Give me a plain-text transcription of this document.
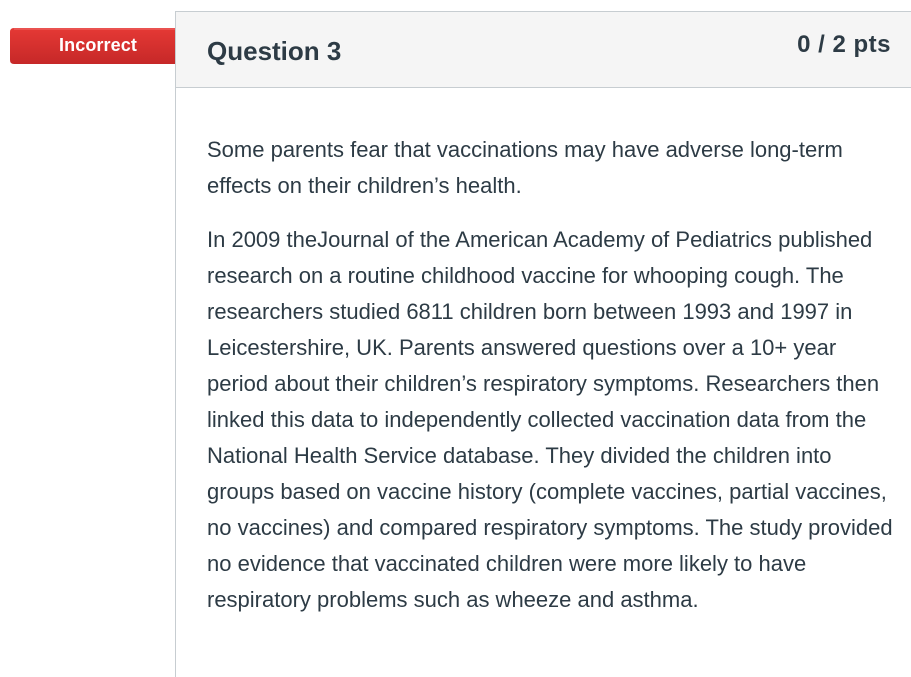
Incorrect	Question 3	0 / 2 pts

Some parents fear that vaccinations may have adverse long-term effects on their children’s health.

In 2009 theJournal of the American Academy of Pediatrics published research on a routine childhood vaccine for whooping cough. The researchers studied 6811 children born between 1993 and 1997 in Leicestershire, UK. Parents answered questions over a 10+ year period about their children’s respiratory symptoms. Researchers then linked this data to independently collected vaccination data from the National Health Service database. They divided the children into groups based on vaccine history (complete vaccines, partial vaccines, no vaccines) and compared respiratory symptoms. The study provided no evidence that vaccinated children were more likely to have respiratory problems such as wheeze and asthma.
